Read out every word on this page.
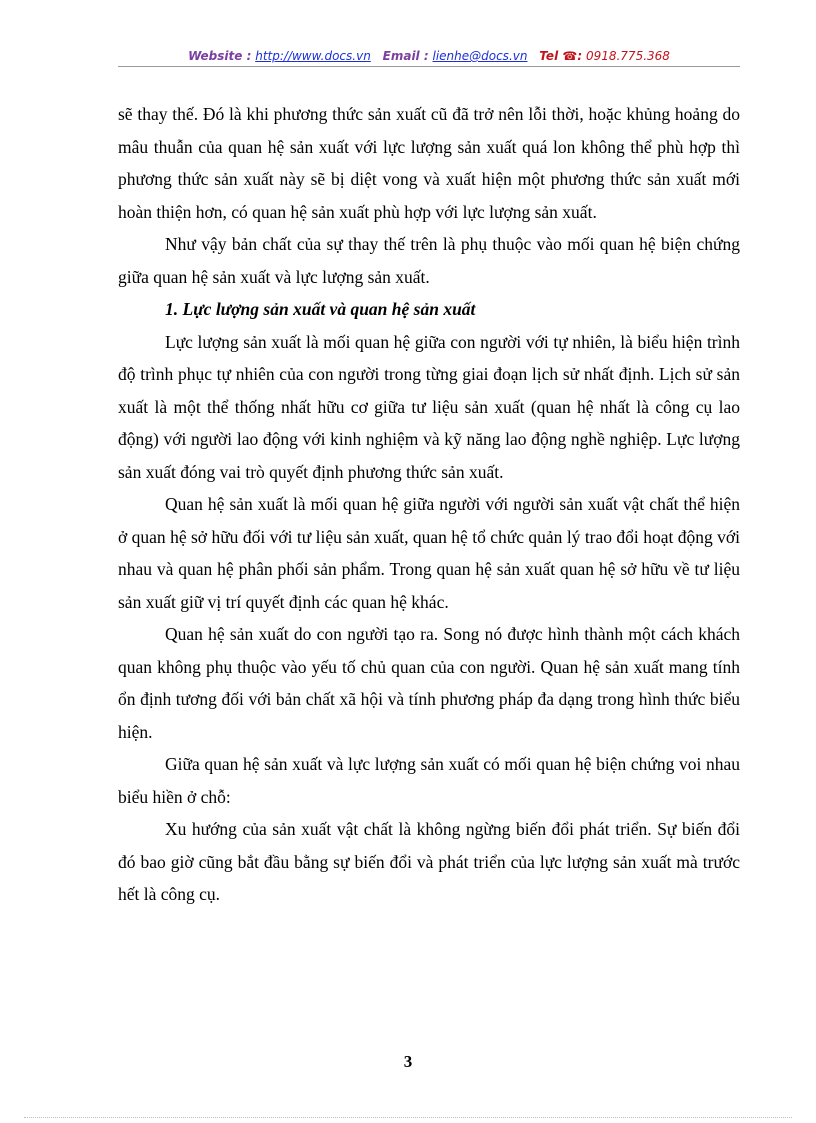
Website : http://www.docs.vn Email : lienhe@docs.vn Tel ☎: 0918.775.368

sẽ thay thế. Đó là khi phương thức sản xuất cũ đã trở nên lỗi thời, hoặc khủng hoảng do mâu thuẫn của quan hệ sản xuất với lực lượng sản xuất quá lon không thể phù hợp thì phương thức sản xuất này sẽ bị diệt vong và xuất hiện một phương thức sản xuất mới hoàn thiện hơn, có quan hệ sản xuất phù hợp với lực lượng sản xuất.

Như vậy bản chất của sự thay thế trên là phụ thuộc vào mối quan hệ biện chứng giữa quan hệ sản xuất và lực lượng sản xuất.

1. Lực lượng sản xuất và quan hệ sản xuất

Lực lượng sản xuất là mối quan hệ giữa con người với tự nhiên, là biểu hiện trình độ trình phục tự nhiên của con người trong từng giai đoạn lịch sử nhất định. Lịch sử sản xuất là một thể thống nhất hữu cơ giữa tư liệu sản xuất (quan hệ nhất là công cụ lao động) với người lao động với kinh nghiệm và kỹ năng lao động nghề nghiệp. Lực lượng sản xuất đóng vai trò quyết định phương thức sản xuất.

Quan hệ sản xuất là mối quan hệ giữa người với người sản xuất vật chất thể hiện ở quan hệ sở hữu đối với tư liệu sản xuất, quan hệ tổ chức quản lý trao đổi hoạt động với nhau và quan hệ phân phối sản phẩm. Trong quan hệ sản xuất quan hệ sở hữu về tư liệu sản xuất giữ vị trí quyết định các quan hệ khác.

Quan hệ sản xuất do con người tạo ra. Song nó được hình thành một cách khách quan không phụ thuộc vào yếu tố chủ quan của con người. Quan hệ sản xuất mang tính ổn định tương đối với bản chất xã hội và tính phương pháp đa dạng trong hình thức biểu hiện.

Giữa quan hệ sản xuất và lực lượng sản xuất có mối quan hệ biện chứng voi nhau biểu hiền ở chỗ:

Xu hướng của sản xuất vật chất là không ngừng biến đổi phát triển. Sự biến đổi đó bao giờ cũng bắt đầu bằng sự biến đổi và phát triển của lực lượng sản xuất mà trước hết là công cụ.

3
